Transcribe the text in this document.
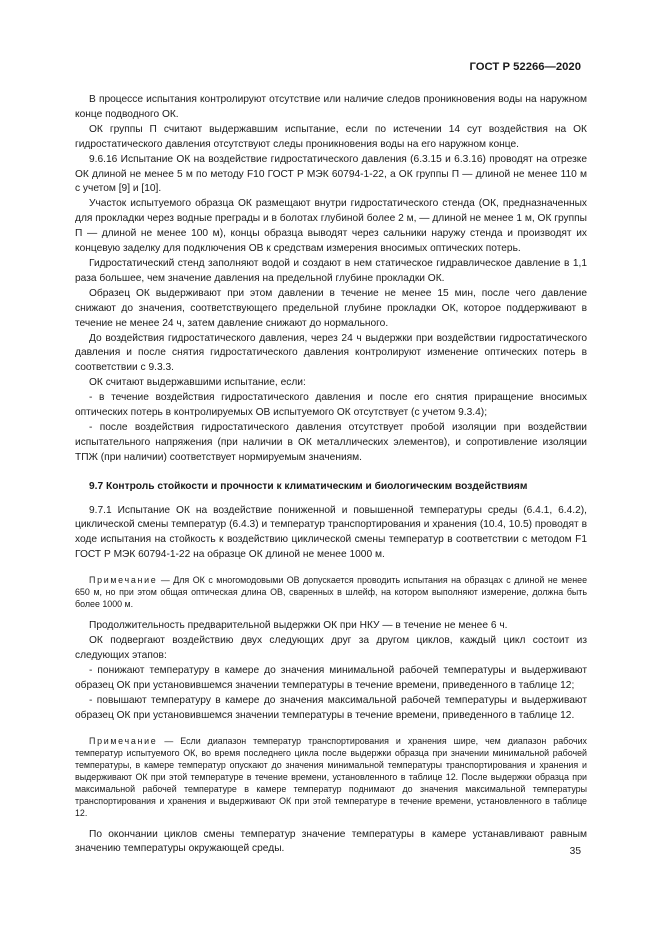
ГОСТ Р 52266—2020

В процессе испытания контролируют отсутствие или наличие следов проникновения воды на наружном конце подводного ОК.

ОК группы П считают выдержавшим испытание, если по истечении 14 сут воздействия на ОК гидростатического давления отсутствуют следы проникновения воды на его наружном конце.

9.6.16 Испытание ОК на воздействие гидростатического давления (6.3.15 и 6.3.16) проводят на отрезке ОК длиной не менее 5 м по методу F10 ГОСТ Р МЭК 60794-1-22, а ОК группы П — длиной не менее 110 м с учетом [9] и [10].

Участок испытуемого образца ОК размещают внутри гидростатического стенда (ОК, предназначенных для прокладки через водные преграды и в болотах глубиной более 2 м, — длиной не менее 1 м, ОК группы П — длиной не менее 100 м), концы образца выводят через сальники наружу стенда и производят их концевую заделку для подключения ОВ к средствам измерения вносимых оптических потерь.

Гидростатический стенд заполняют водой и создают в нем статическое гидравлическое давление в 1,1 раза большее, чем значение давления на предельной глубине прокладки ОК.

Образец ОК выдерживают при этом давлении в течение не менее 15 мин, после чего давление снижают до значения, соответствующего предельной глубине прокладки ОК, которое поддерживают в течение не менее 24 ч, затем давление снижают до нормального.

До воздействия гидростатического давления, через 24 ч выдержки при воздействии гидростатического давления и после снятия гидростатического давления контролируют изменение оптических потерь в соответствии с 9.3.3.

ОК считают выдержавшими испытание, если:

- в течение воздействия гидростатического давления и после его снятия приращение вносимых оптических потерь в контролируемых ОВ испытуемого ОК отсутствует (с учетом 9.3.4);

- после воздействия гидростатического давления отсутствует пробой изоляции при воздействии испытательного напряжения (при наличии в ОК металлических элементов), и сопротивление изоляции ТПЖ (при наличии) соответствует нормируемым значениям.

9.7 Контроль стойкости и прочности к климатическим и биологическим воздействиям

9.7.1 Испытание ОК на воздействие пониженной и повышенной температуры среды (6.4.1, 6.4.2), циклической смены температур (6.4.3) и температур транспортирования и хранения (10.4, 10.5) проводят в ходе испытания на стойкость к воздействию циклической смены температур в соответствии с методом F1 ГОСТ Р МЭК 60794-1-22 на образце ОК длиной не менее 1000 м.

Примечание — Для ОК с многомодовыми ОВ допускается проводить испытания на образцах с длиной не менее 650 м, но при этом общая оптическая длина ОВ, сваренных в шлейф, на котором выполняют измерение, должна быть более 1000 м.

Продолжительность предварительной выдержки ОК при НКУ — в течение не менее 6 ч.

ОК подвергают воздействию двух следующих друг за другом циклов, каждый цикл состоит из следующих этапов:

- понижают температуру в камере до значения минимальной рабочей температуры и выдерживают образец ОК при установившемся значении температуры в течение времени, приведенного в таблице 12;

- повышают температуру в камере до значения максимальной рабочей температуры и выдерживают образец ОК при установившемся значении температуры в течение времени, приведенного в таблице 12.

Примечание — Если диапазон температур транспортирования и хранения шире, чем диапазон рабочих температур испытуемого ОК, во время последнего цикла после выдержки образца при значении минимальной рабочей температуры, в камере температур опускают до значения минимальной температуры транспортирования и хранения и выдерживают ОК при этой температуре в течение времени, установленного в таблице 12. После выдержки образца при максимальной рабочей температуре в камере температур поднимают до значения максимальной температуры транспортирования и хранения и выдерживают ОК при этой температуре в течение времени, установленного в таблице 12.

По окончании циклов смены температур значение температуры в камере устанавливают равным значению температуры окружающей среды.	35
